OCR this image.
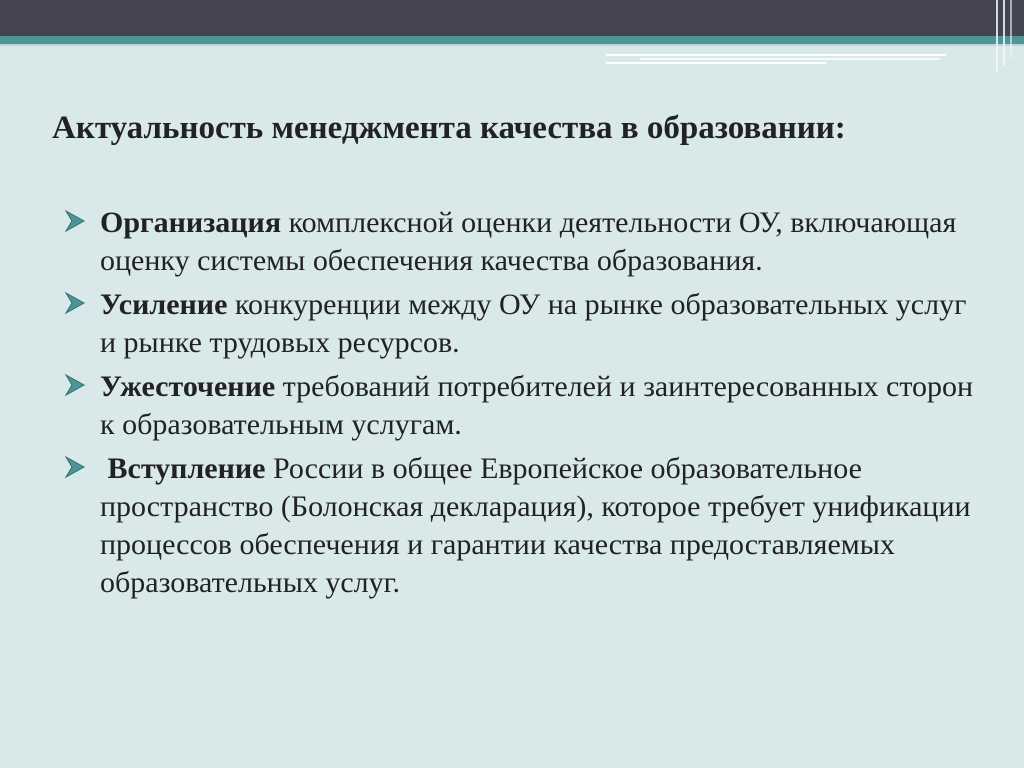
Актуальность менеджмента качества в образовании:
Организация комплексной оценки деятельности ОУ, включающая оценку системы обеспечения качества образования.
Усиление конкуренции между ОУ на рынке образовательных услуг и рынке трудовых ресурсов.
Ужесточение требований потребителей и заинтересованных сторон к образовательным услугам.
Вступление России в общее Европейское образовательное пространство (Болонская декларация), которое требует унификации процессов обеспечения и гарантии качества предоставляемых образовательных услуг.
